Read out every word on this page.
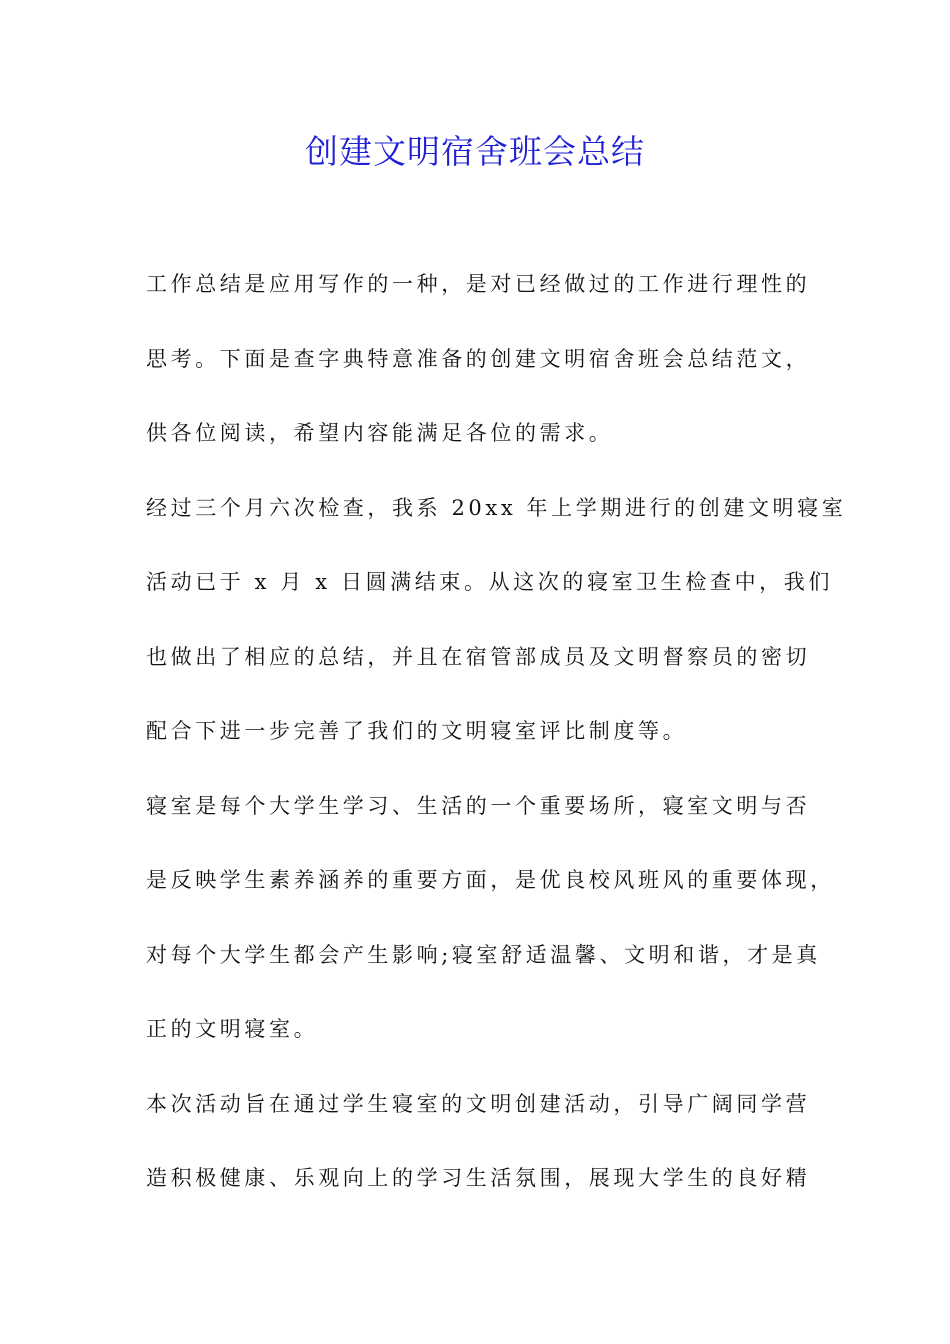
创建文明宿舍班会总结
工作总结是应用写作的一种，是对已经做过的工作进行理性的
思考。下面是查字典特意准备的创建文明宿舍班会总结范文，
供各位阅读，希望内容能满足各位的需求。
经过三个月六次检查，我系 20xx 年上学期进行的创建文明寝室
活动已于 x 月 x 日圆满结束。从这次的寝室卫生检查中，我们
也做出了相应的总结，并且在宿管部成员及文明督察员的密切
配合下进一步完善了我们的文明寝室评比制度等。
寝室是每个大学生学习、生活的一个重要场所，寝室文明与否
是反映学生素养涵养的重要方面，是优良校风班风的重要体现，
对每个大学生都会产生影响;寝室舒适温馨、文明和谐，才是真
正的文明寝室。
本次活动旨在通过学生寝室的文明创建活动，引导广阔同学营
造积极健康、乐观向上的学习生活氛围，展现大学生的良好精
